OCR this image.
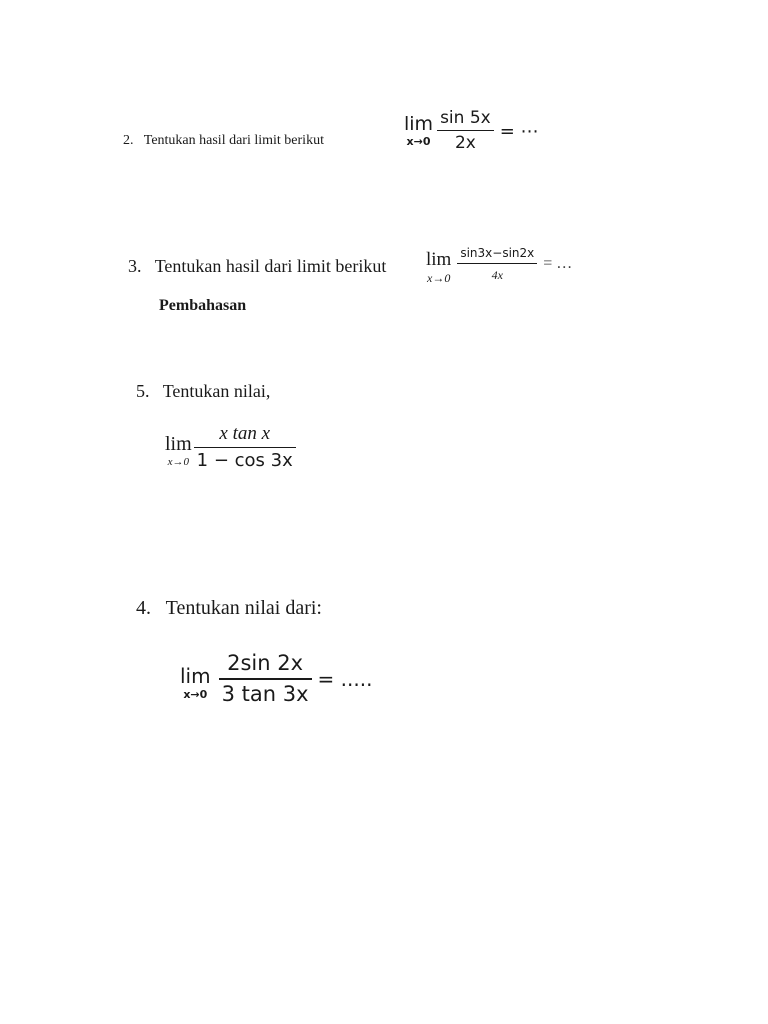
2. Tentukan hasil dari limit berikut
lim
$x\to 0 \frac{\sin 5x}{2x}$ = ⋯
3. Tentukan hasil dari limit berikut lim
$x\to 0 \frac{\sin 3x-\sin 2x}{4x}$ = …
Pembahasan
5. Tentukan nilai,
lim
$x\to 0 \frac{\text{x tan x}}{1 - \cos 3x}$
4. Tentukan nilai dari:
lim
$x\to 0 \frac{2\sin 2x}{3 \tan 3x}$ = .....
